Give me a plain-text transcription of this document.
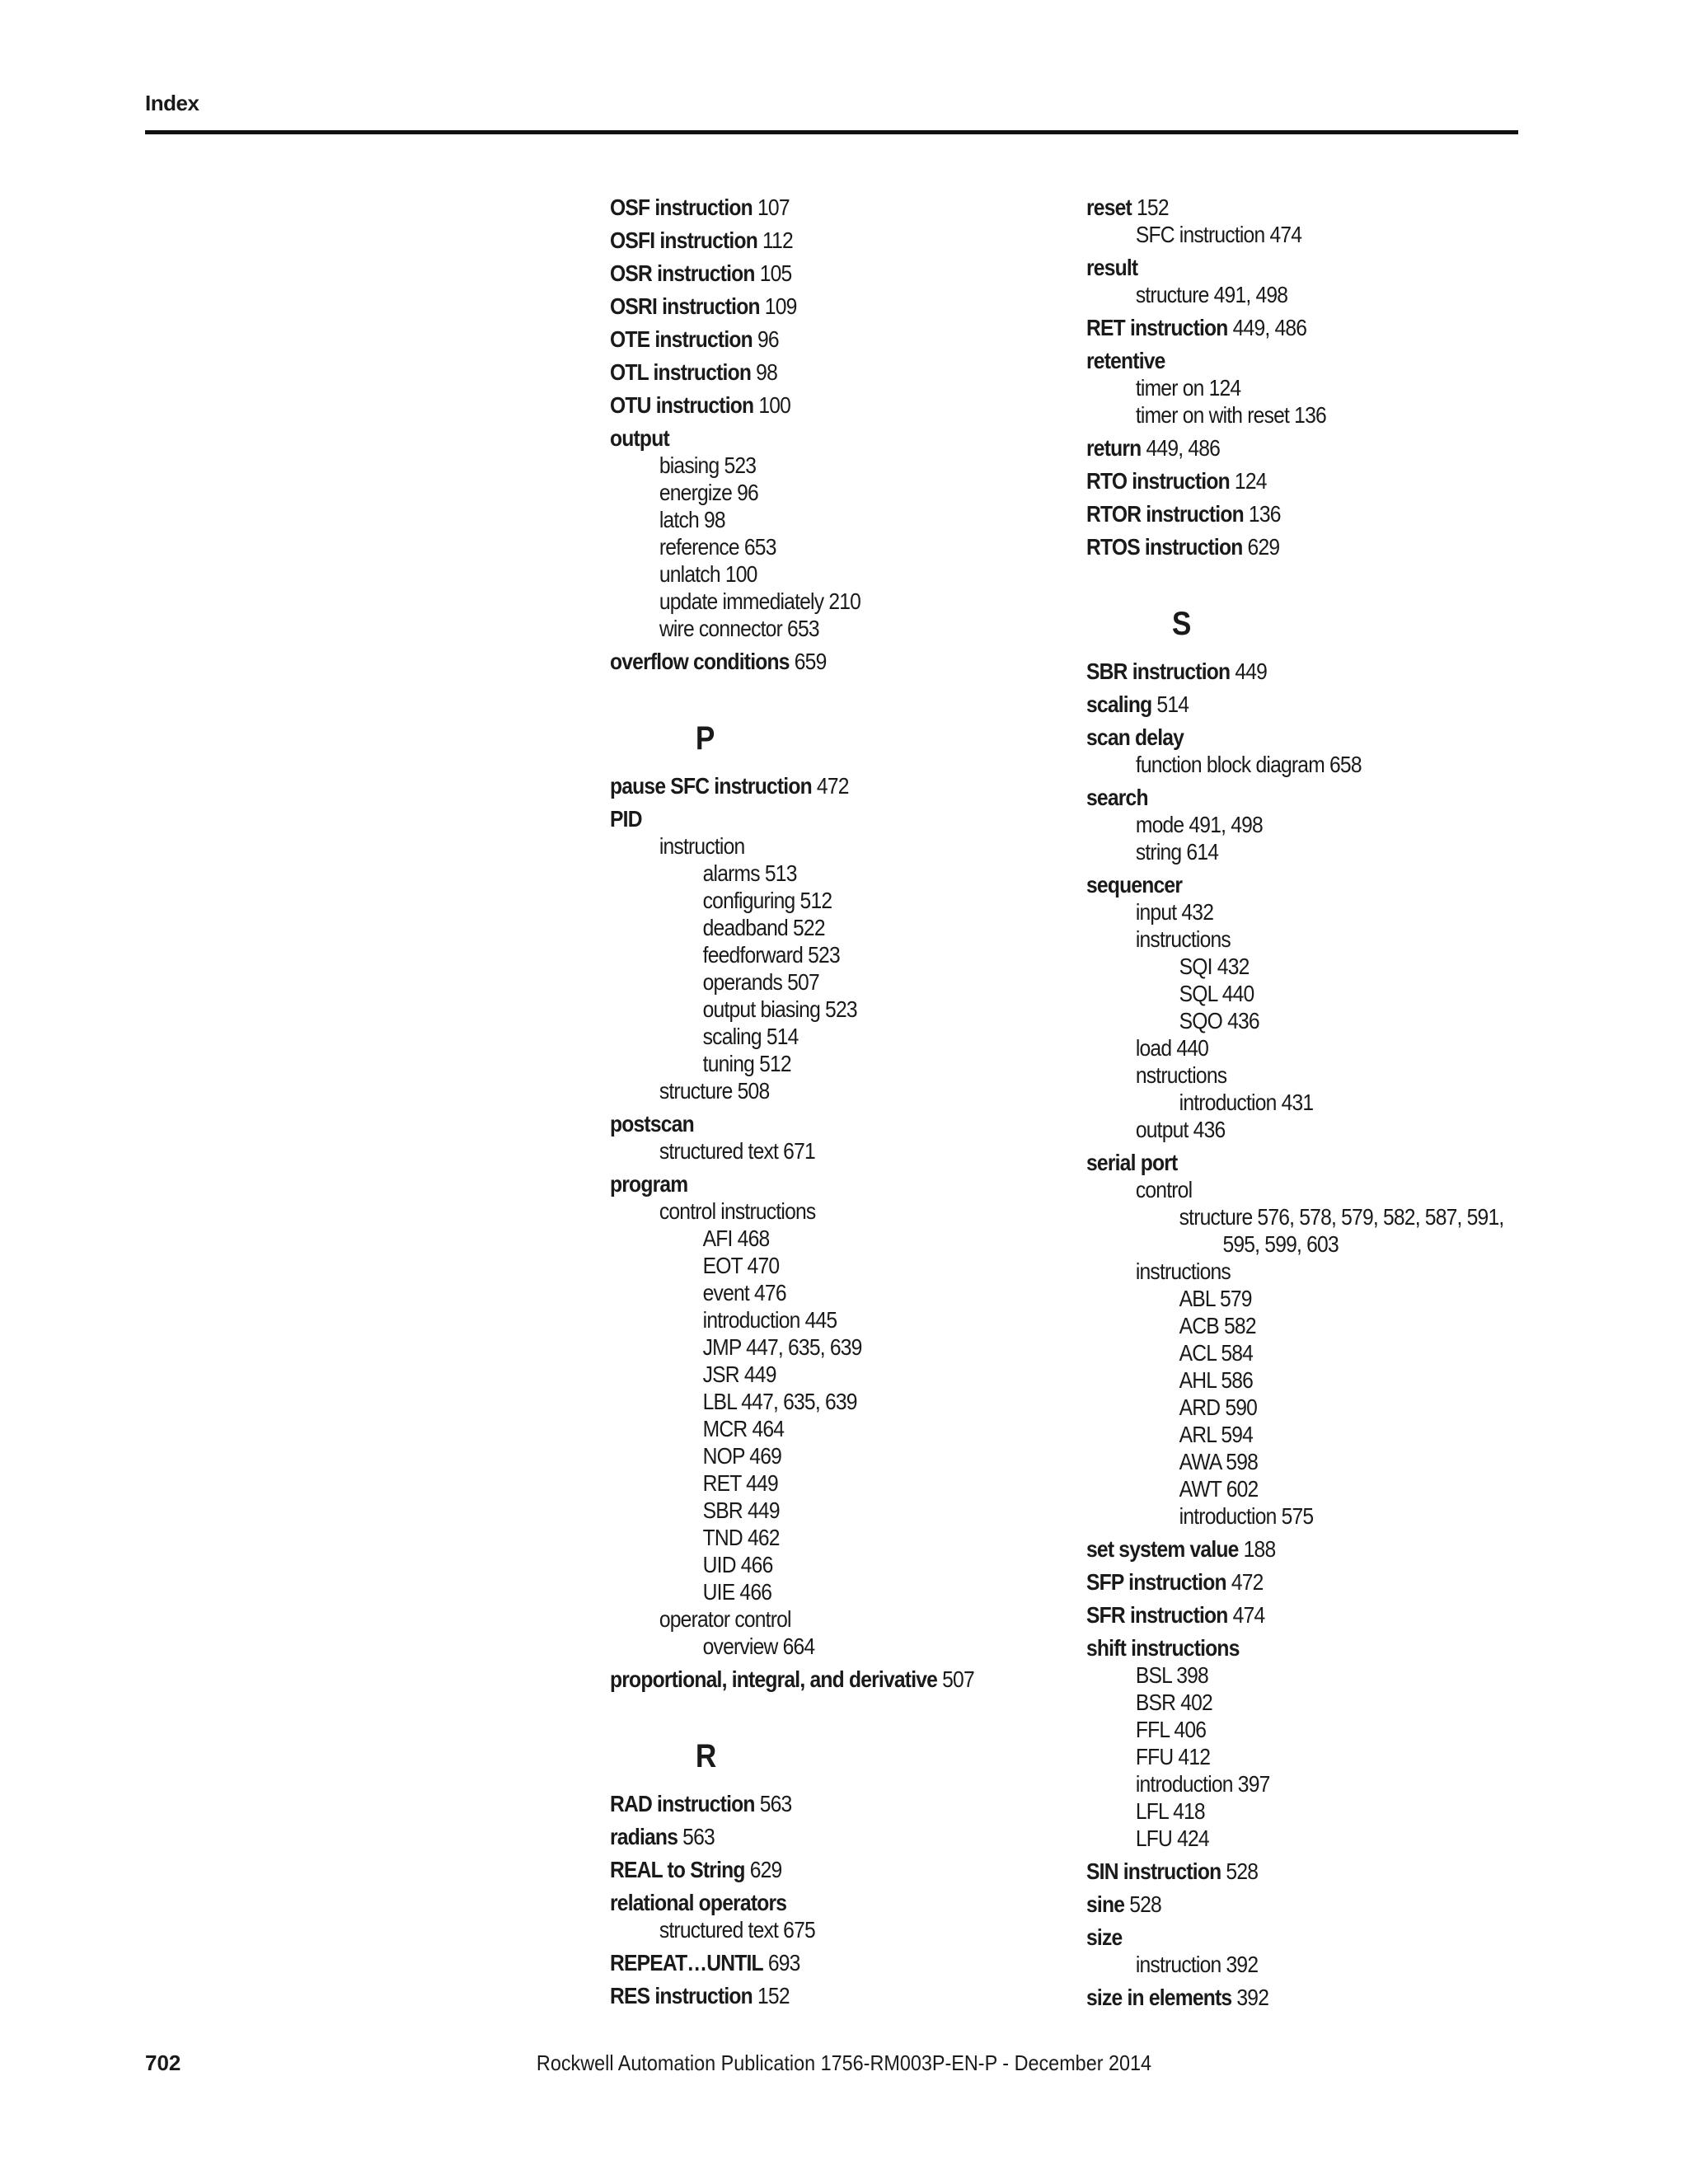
Index
OSF instruction 107
OSFI instruction 112
OSR instruction 105
OSRI instruction 109
OTE instruction 96
OTL instruction 98
OTU instruction 100
output
biasing 523
energize 96
latch 98
reference 653
unlatch 100
update immediately 210
wire connector 653
overflow conditions 659
P
pause SFC instruction 472
PID
instruction
alarms 513
configuring 512
deadband 522
feedforward 523
operands 507
output biasing 523
scaling 514
tuning 512
structure 508
postscan
structured text 671
program
control instructions
AFI 468
EOT 470
event 476
introduction 445
JMP 447, 635, 639
JSR 449
LBL 447, 635, 639
MCR 464
NOP 469
RET 449
SBR 449
TND 462
UID 466
UIE 466
operator control
overview 664
proportional, integral, and derivative 507
R
RAD instruction 563
radians 563
REAL to String 629
relational operators
structured text 675
REPEAT…UNTIL 693
RES instruction 152
reset 152
SFC instruction 474
result
structure 491, 498
RET instruction 449, 486
retentive
timer on 124
timer on with reset 136
return 449, 486
RTO instruction 124
RTOR instruction 136
RTOS instruction 629
S
SBR instruction 449
scaling 514
scan delay
function block diagram 658
search
mode 491, 498
string 614
sequencer
input 432
instructions
SQI 432
SQL 440
SQO 436
load 440
nstructions
introduction 431
output 436
serial port
control
structure 576, 578, 579, 582, 587, 591,
595, 599, 603
instructions
ABL 579
ACB 582
ACL 584
AHL 586
ARD 590
ARL 594
AWA 598
AWT 602
introduction 575
set system value 188
SFP instruction 472
SFR instruction 474
shift instructions
BSL 398
BSR 402
FFL 406
FFU 412
introduction 397
LFL 418
LFU 424
SIN instruction 528
sine 528
size
instruction 392
size in elements 392
702	Rockwell Automation Publication 1756-RM003P-EN-P - December 2014
